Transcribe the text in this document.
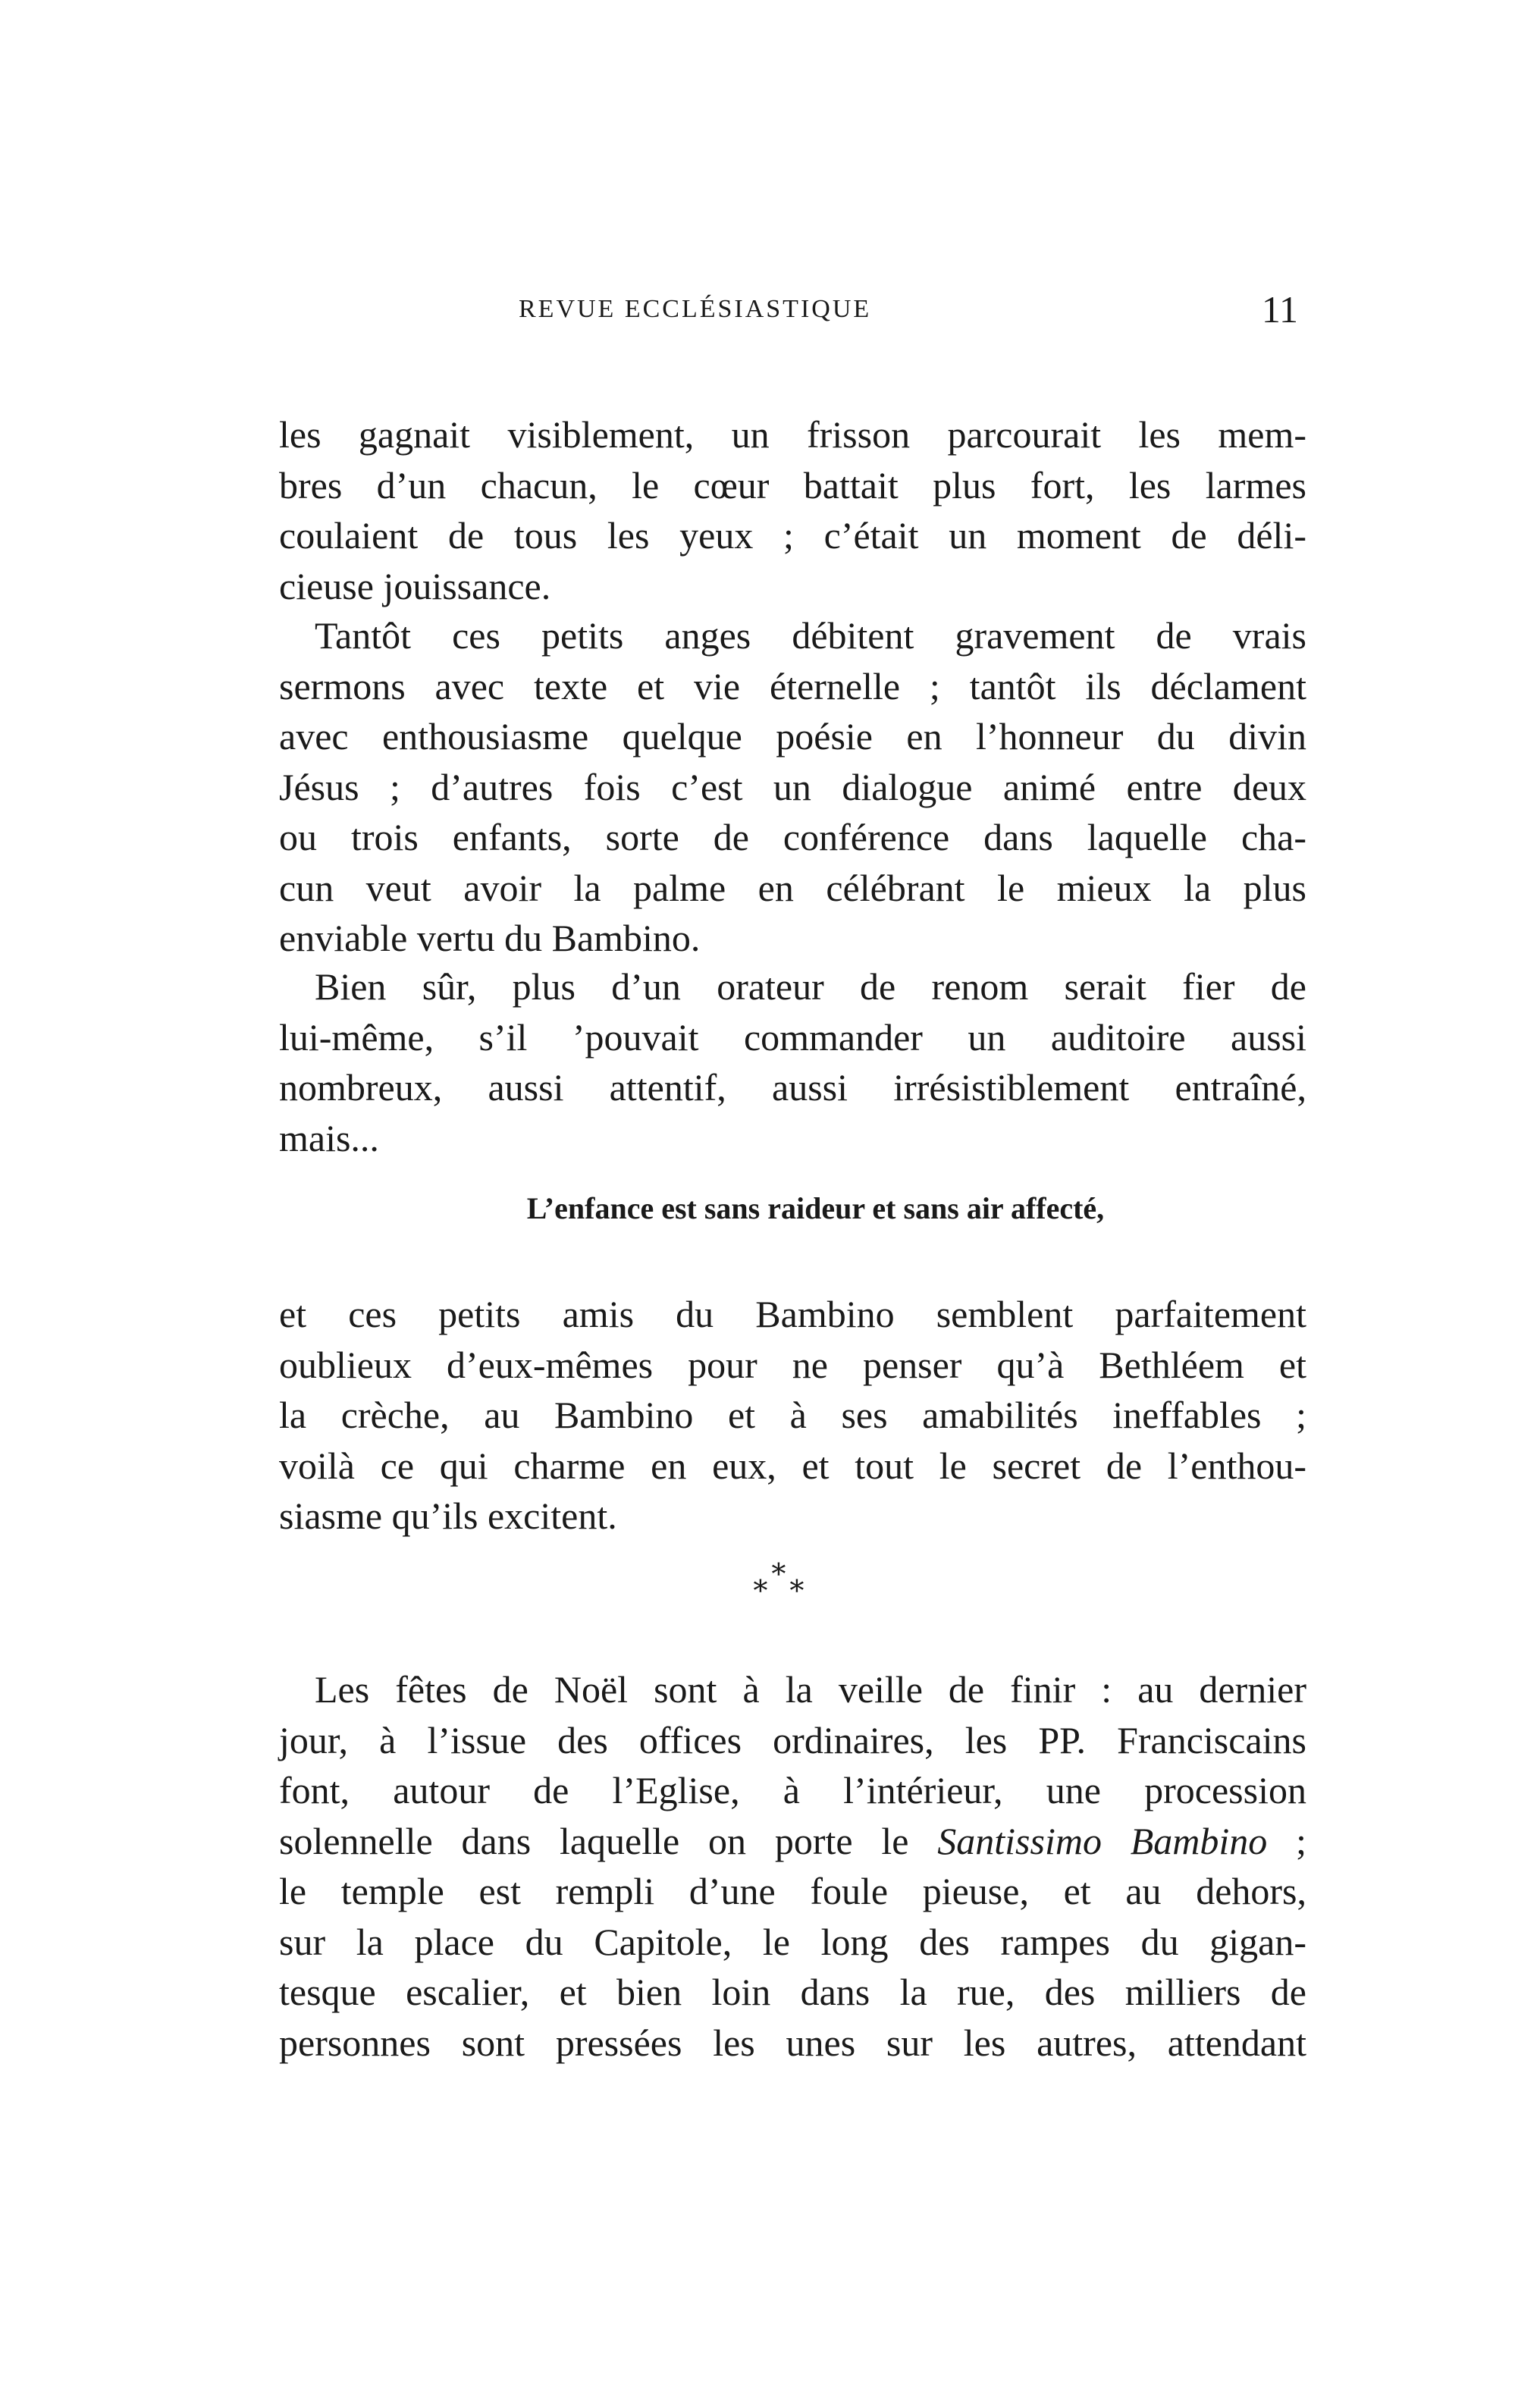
REVUE ECCLÉSIASTIQUE	11
les gagnait visiblement, un frisson parcourait les mem-
bres d’un chacun, le cœur battait plus fort, les larmes
coulaient de tous les yeux ; c’était un moment de déli-
cieuse jouissance.
Tantôt ces petits anges débitent gravement de vrais
sermons avec texte et vie éternelle ; tantôt ils déclament
avec enthousiasme quelque poésie en l’honneur du divin
Jésus ; d’autres fois c’est un dialogue animé entre deux
ou trois enfants, sorte de conférence dans laquelle cha-
cun veut avoir la palme en célébrant le mieux la plus
enviable vertu du Bambino.
Bien sûr, plus d’un orateur de renom serait fier de
lui-même, s’il ’pouvait commander un auditoire aussi
nombreux, aussi attentif, aussi irrésistiblement entraîné,
mais...
L’enfance est sans raideur et sans air affecté,
et ces petits amis du Bambino semblent parfaitement
oublieux d’eux-mêmes pour ne penser qu’à Bethléem et
la crèche, au Bambino et à ses amabilités ineffables ;
voilà ce qui charme en eux, et tout le secret de l’enthou-
siasme qu’ils excitent.
∗
∗ ∗
Les fêtes de Noël sont à la veille de finir : au dernier
jour, à l’issue des offices ordinaires, les PP. Franciscains
font, autour de l’Eglise, à l’intérieur, une procession
solennelle dans laquelle on porte le Santissimo Bambino ;
le temple est rempli d’une foule pieuse, et au dehors,
sur la place du Capitole, le long des rampes du gigan-
tesque escalier, et bien loin dans la rue, des milliers de
personnes sont pressées les unes sur les autres, attendant
